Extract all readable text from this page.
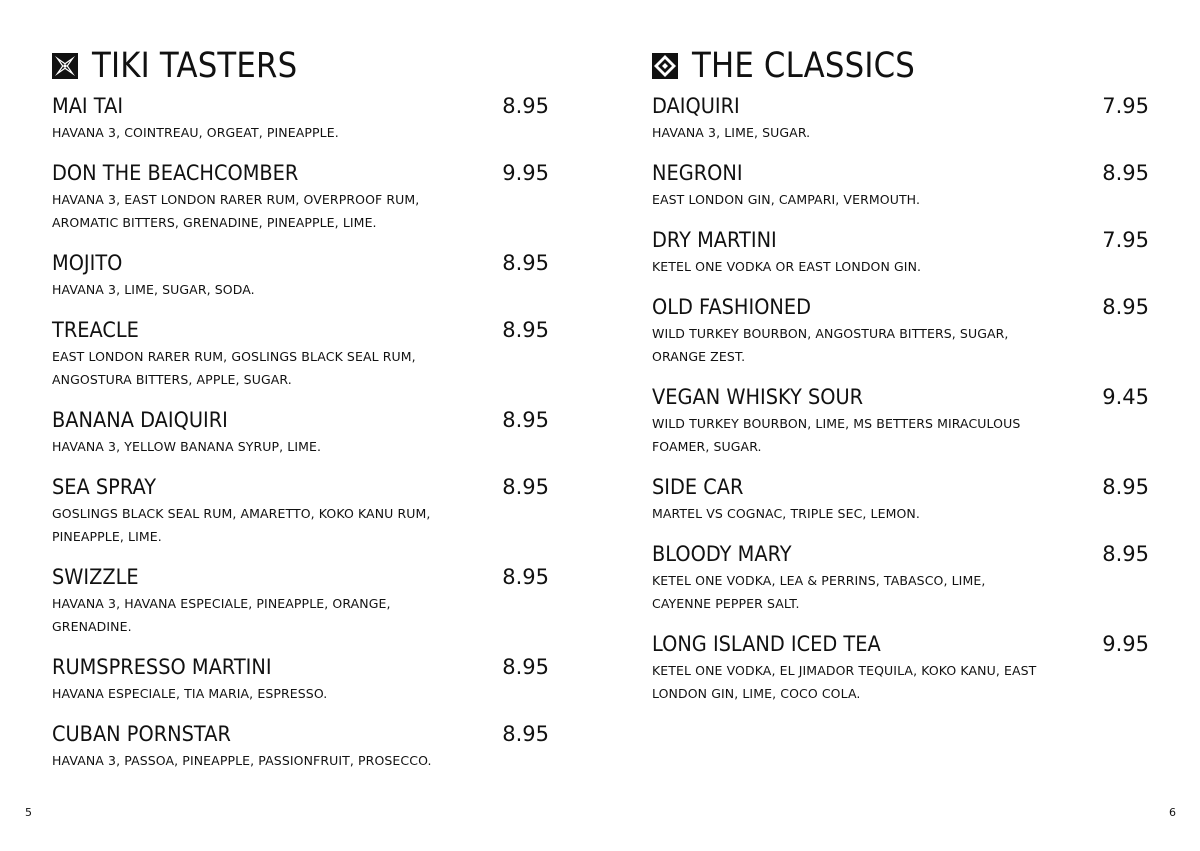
TIKI TASTERS
MAI TAI	8.95
HAVANA 3, COINTREAU, ORGEAT, PINEAPPLE.
DON THE BEACHCOMBER	9.95
HAVANA 3, EAST LONDON RARER RUM, OVERPROOF RUM, AROMATIC BITTERS, GRENADINE, PINEAPPLE, LIME.
MOJITO	8.95
HAVANA 3, LIME, SUGAR, SODA.
TREACLE	8.95
EAST LONDON RARER RUM, GOSLINGS BLACK SEAL RUM, ANGOSTURA BITTERS, APPLE, SUGAR.
BANANA DAIQUIRI	8.95
HAVANA 3, YELLOW BANANA SYRUP, LIME.
SEA SPRAY	8.95
GOSLINGS BLACK SEAL RUM, AMARETTO, KOKO KANU RUM, PINEAPPLE, LIME.
SWIZZLE	8.95
HAVANA 3, HAVANA ESPECIALE, PINEAPPLE, ORANGE, GRENADINE.
RUMSPRESSO MARTINI	8.95
HAVANA ESPECIALE, TIA MARIA, ESPRESSO.
CUBAN PORNSTAR	8.95
HAVANA 3, PASSOA, PINEAPPLE, PASSIONFRUIT, PROSECCO.
THE CLASSICS
DAIQUIRI	7.95
HAVANA 3, LIME, SUGAR.
NEGRONI	8.95
EAST LONDON GIN, CAMPARI, VERMOUTH.
DRY MARTINI	7.95
KETEL ONE VODKA OR EAST LONDON GIN.
OLD FASHIONED	8.95
WILD TURKEY BOURBON, ANGOSTURA BITTERS, SUGAR, ORANGE ZEST.
VEGAN WHISKY SOUR	9.45
WILD TURKEY BOURBON, LIME, MS BETTERS MIRACULOUS FOAMER, SUGAR.
SIDE CAR	8.95
MARTEL VS COGNAC, TRIPLE SEC, LEMON.
BLOODY MARY	8.95
KETEL ONE VODKA, LEA & PERRINS, TABASCO, LIME, CAYENNE PEPPER SALT.
LONG ISLAND ICED TEA	9.95
KETEL ONE VODKA, EL JIMADOR TEQUILA, KOKO KANU, EAST LONDON GIN, LIME, COCO COLA.
5	6
